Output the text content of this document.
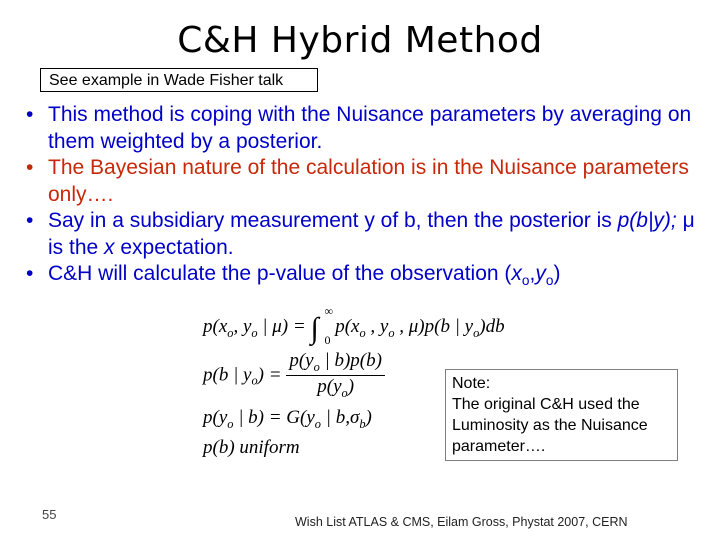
C&H Hybrid Method
See example in Wade Fisher talk
• This method is coping with the Nuisance parameters by averaging on them weighted by a posterior.
• The Bayesian nature of the calculation is in the Nuisance parameters only….
• Say in a subsidiary measurement y of b, then the posterior is p(b|y); μ is the x expectation.
• C&H will calculate the p-value of the observation $(x_o,y_o)$
$p(x_o$, $y_o$ | μ) = ∫
∞
0
$p(x_o$ , $y_o$ , μ)p(b | $y_o)db$
p(b | $y_o) = \frac{p(y_o | b)p(b)}{p(y_o)}$
$p(y_o$ | $b) = G(y_o$ | $b,\sigma_b$)
p(b) uniform
Note:
The original C&H used the Luminosity as the Nuisance parameter….
55	Wish List ATLAS & CMS, Eilam Gross, Phystat 2007, CERN
